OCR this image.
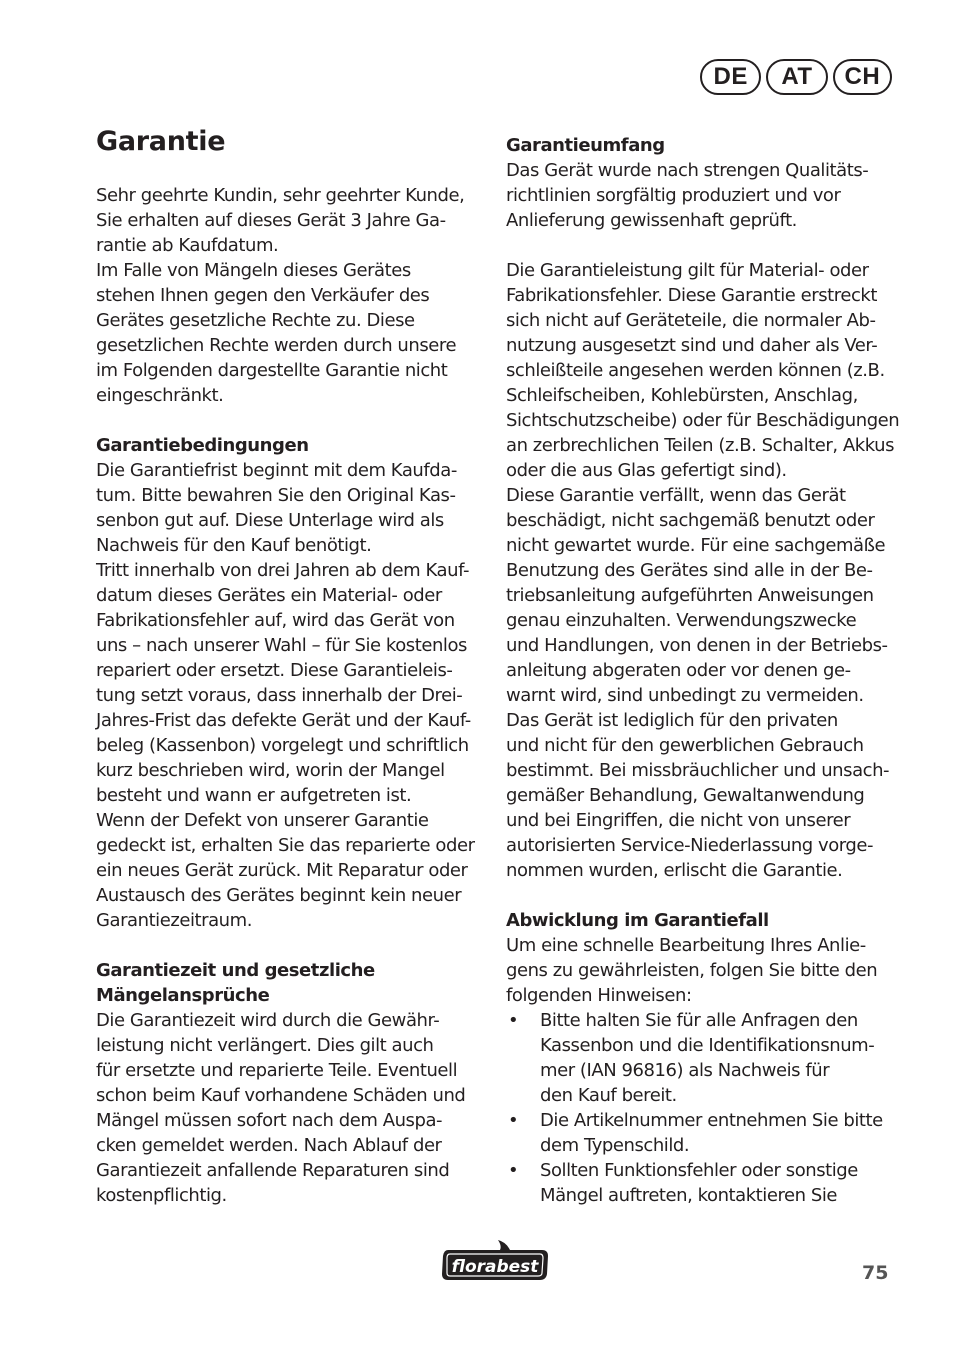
DE	AT	CH
Garantie
Sehr geehrte Kundin, sehr geehrter Kunde,
Sie erhalten auf dieses Gerät 3 Jahre Ga-
rantie ab Kaufdatum.
Im Falle von Mängeln dieses Gerätes
stehen Ihnen gegen den Verkäufer des
Gerätes gesetzliche Rechte zu. Diese
gesetzlichen Rechte werden durch unsere
im Folgenden dargestellte Garantie nicht
eingeschränkt.
Garantiebedingungen
Die Garantiefrist beginnt mit dem Kaufda-
tum. Bitte bewahren Sie den Original Kas-
senbon gut auf. Diese Unterlage wird als
Nachweis für den Kauf benötigt.
Tritt innerhalb von drei Jahren ab dem Kauf-
datum dieses Gerätes ein Material- oder
Fabrikationsfehler auf, wird das Gerät von
uns – nach unserer Wahl – für Sie kostenlos
repariert oder ersetzt. Diese Garantieleis-
tung setzt voraus, dass innerhalb der Drei-
Jahres-Frist das defekte Gerät und der Kauf-
beleg (Kassenbon) vorgelegt und schriftlich
kurz beschrieben wird, worin der Mangel
besteht und wann er aufgetreten ist.
Wenn der Defekt von unserer Garantie
gedeckt ist, erhalten Sie das reparierte oder
ein neues Gerät zurück. Mit Reparatur oder
Austausch des Gerätes beginnt kein neuer
Garantiezeitraum.
Garantiezeit und gesetzliche
Mängelansprüche
Die Garantiezeit wird durch die Gewähr-
leistung nicht verlängert. Dies gilt auch
für ersetzte und reparierte Teile. Eventuell
schon beim Kauf vorhandene Schäden und
Mängel müssen sofort nach dem Auspa-
cken gemeldet werden. Nach Ablauf der
Garantiezeit anfallende Reparaturen sind
kostenpflichtig.
Garantieumfang
Das Gerät wurde nach strengen Qualitäts-
richtlinien sorgfältig produziert und vor
Anlieferung gewissenhaft geprüft.
Die Garantieleistung gilt für Material- oder
Fabrikationsfehler. Diese Garantie erstreckt
sich nicht auf Geräteteile, die normaler Ab-
nutzung ausgesetzt sind und daher als Ver-
schleißteile angesehen werden können (z.B.
Schleifscheiben, Kohlebürsten, Anschlag,
Sichtschutzscheibe) oder für Beschädigungen
an zerbrechlichen Teilen (z.B. Schalter, Akkus
oder die aus Glas gefertigt sind).
Diese Garantie verfällt, wenn das Gerät
beschädigt, nicht sachgemäß benutzt oder
nicht gewartet wurde. Für eine sachgemäße
Benutzung des Gerätes sind alle in der Be-
triebsanleitung aufgeführten Anweisungen
genau einzuhalten. Verwendungszwecke
und Handlungen, von denen in der Betriebs-
anleitung abgeraten oder vor denen ge-
warnt wird, sind unbedingt zu vermeiden.
Das Gerät ist lediglich für den privaten
und nicht für den gewerblichen Gebrauch
bestimmt. Bei missbräuchlicher und unsach-
gemäßer Behandlung, Gewaltanwendung
und bei Eingriffen, die nicht von unserer
autorisierten Service-Niederlassung vorge-
nommen wurden, erlischt die Garantie.
Abwicklung im Garantiefall
Um eine schnelle Bearbeitung Ihres Anlie-
gens zu gewährleisten, folgen Sie bitte den
folgenden Hinweisen:
• Bitte halten Sie für alle Anfragen den
Kassenbon und die Identifikationsnum-
mer (IAN 96816) als Nachweis für
den Kauf bereit.
• Die Artikelnummer entnehmen Sie bitte
dem Typenschild.
• Sollten Funktionsfehler oder sonstige
Mängel auftreten, kontaktieren Sie
florabest	75
